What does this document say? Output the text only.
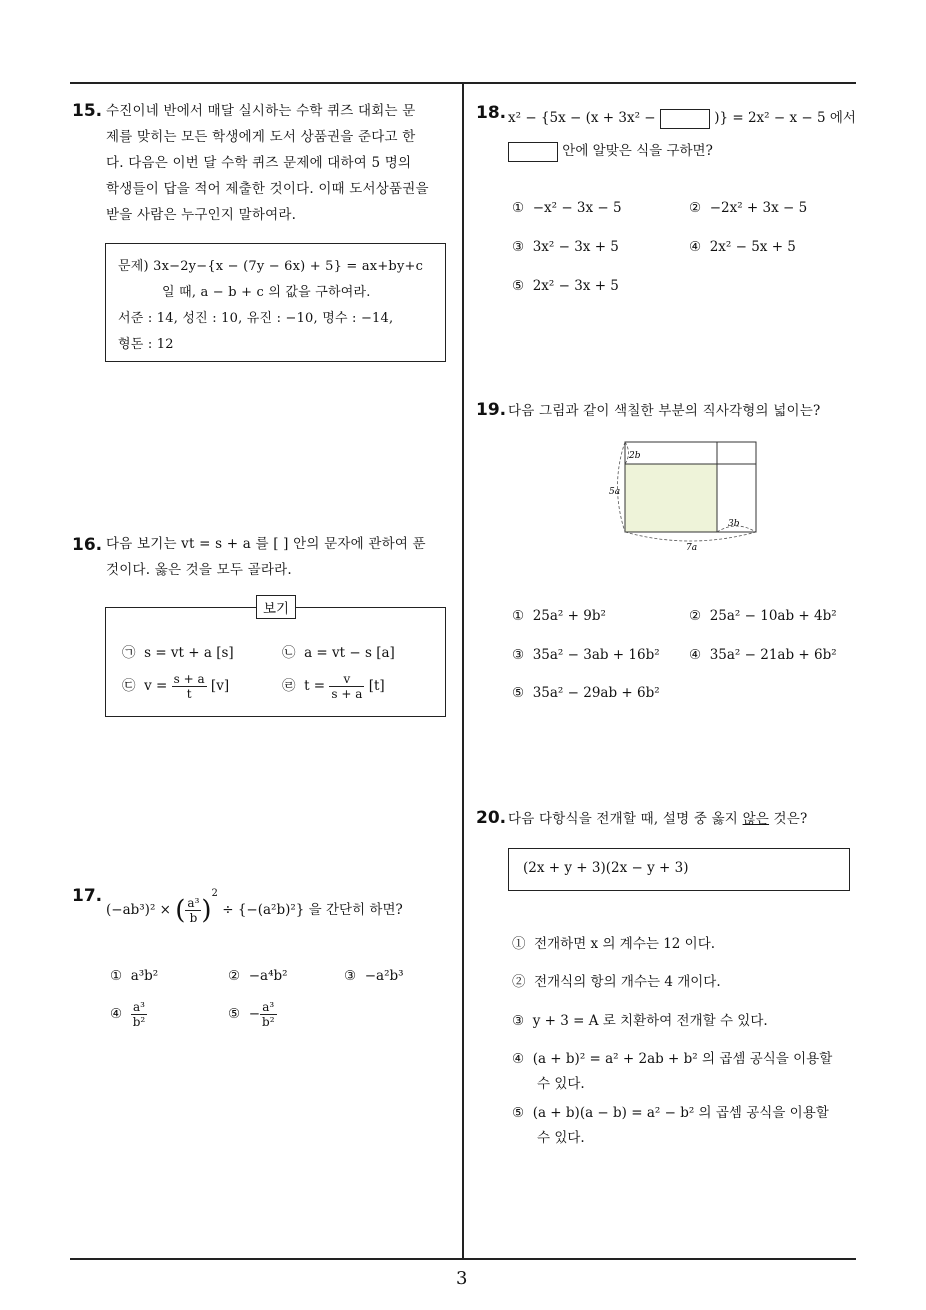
15. 수진이네 반에서 매달 실시하는 수학 퀴즈 대회는 문
제를 맞히는 모든 학생에게 도서 상품권을 준다고 한
다. 다음은 이번 달 수학 퀴즈 문제에 대하여 5 명의
학생들이 답을 적어 제출한 것이다. 이때 도서상품권을
받을 사람은 누구인지 말하여라.
문제) 3x−2y−{x − (7y − 6x) + 5} = ax+by+c
일 때, a − b + c 의 값을 구하여라.
서준 : 14, 성진 : 10, 유진 : −10, 명수 : −14,
형돈 : 12
16. 다음 보기는 vt = s + a 를 [ ] 안의 문자에 관하여 푼
것이다. 옳은 것을 모두 골라라.
보기
㉠ s = vt + a [s]	㉡ a = vt − s [a]
㉢ $v = \frac{s + a}{t} [v]$	㉣ $t = \frac{v}{s + a} [t]$
17.
(−ab³)² × ( $\frac{\text{a³}}{b} )^2 \div \{-(a^2b)^2\}$ 을 간단히 하면?
① a³b²	② −a⁴b²	③ −a²b³
④ $\frac{\text{a³}}{\text{b²}}$	⑤ − $\frac{\text{a³}}{\text{b²}}$
18. x² − {5x − (x + 3x² −	)} = 2x² − x − 5 에서
안에 알맞은 식을 구하면?
① −x² − 3x − 5	② −2x² + 3x − 5
③ 3x² − 3x + 5	④ 2x² − 5x + 5
⑤ 2x² − 3x + 5
19. 다음 그림과 같이 색칠한 부분의 직사각형의 넓이는?
2b
5a
3b
7a
① 25a² + 9b²	② 25a² − 10ab + 4b²
③ 35a² − 3ab + 16b² ④ 35a² − 21ab + 6b²
⑤ 35a² − 29ab + 6b²
20. 다음 다항식을 전개할 때, 설명 중 옳지 않은 것은?
(2x + y + 3)(2x − y + 3)
① 전개하면 x 의 계수는 12 이다.
② 전개식의 항의 개수는 4 개이다.
③ y + 3 = A 로 치환하여 전개할 수 있다.
④ (a + b)² = a² + 2ab + b² 의 곱셈 공식을 이용할
수 있다.
⑤ (a + b)(a − b) = a² − b² 의 곱셈 공식을 이용할
수 있다.
3
